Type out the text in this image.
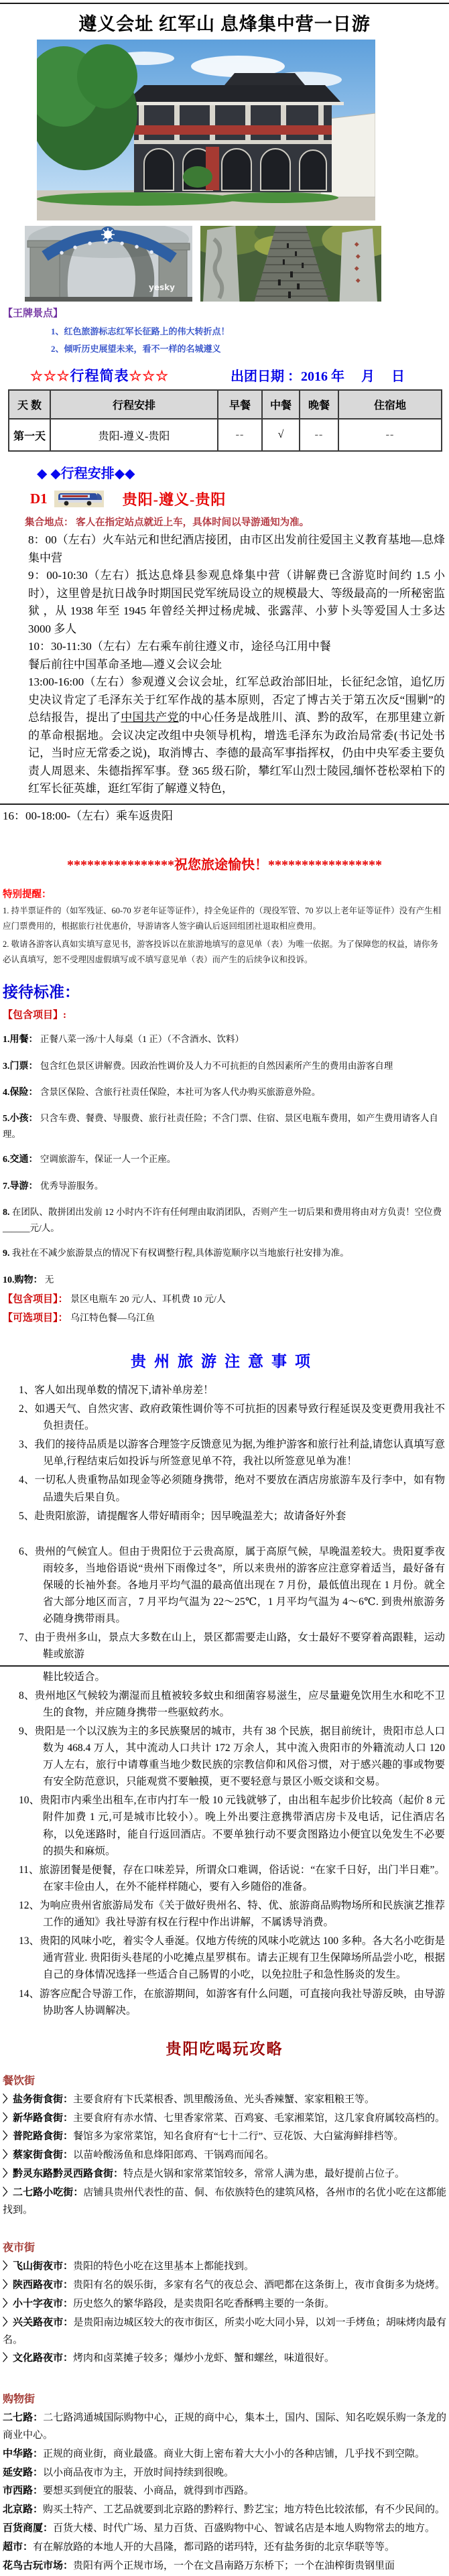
遵义会址 红军山 息烽集中营一日游
●
●
●	●	●
●
●
yesky
◆
◆
◆
◆
【王牌景点】
1、红色旅游标志红军长征路上的伟大转折点！
2、倾听历史展望未来，看不一样的名城遵义
☆☆☆ 行程简表 ☆☆☆	出团日期 ：2016 年　 月　 日
天 数	行程安排	早餐	中餐	晚餐	住宿地
第一天	贵阳-遵义-贵阳	--	√	--	--
◆ ◆行程安排◆◆
D1	贵阳-遵义-贵阳

集合地点： 客人在指定站点就近上车，具体时间以导游通知为准。

8：00（左右）火车站元和世纪酒店接团，由市区出发前往爱国主义教育基地—息烽集中营

9：00-10:30（左右）抵达息烽县参观息烽集中营（讲解费已含游览时间约 1.5 小时），这里曾是抗日战争时期国民党军统局设立的规模最大、等级最高的一所秘密监狱 ，从 1938 年至 1945 年曾经关押过杨虎城、张露萍、小萝卜头等爱国人士多达 3000 多人

10：30-11:30（左右）左右乘车前往遵义市，途径乌江用中餐

餐后前往中国革命圣地—遵义会议会址

13:00-16:00（左右）参观遵义会议会址，红军总政治部旧址，长征纪念馆，追忆历史决议肯定了毛泽东关于红军作战的基本原则，否定了博古关于第五次反“围剿”的总结报告，提出了中国共产党的中心任务是战胜川、滇、黔的敌军，在那里建立新的革命根据地。会议决定改组中央领导机构，增选毛泽东为政治局常委(书记处书记，当时应无常委之说)，取消博古、李德的最高军事指挥权，仍由中央军委主要负责人周恩来、朱德指挥军事。登 365 级石阶，攀红军山烈士陵园,缅怀苍松翠柏下的红军长征英雄，逛红军街了解遵义特色，

16：00-18:00-（左右）乘车返贵阳

****************祝您旅途愉快！*****************

特别提醒：

1. 持半票证件的（如军残证、60-70 岁老年证等证件），持全免证件的（现役军管、70 岁以上老年证等证件）没有产生相应门票费用的，根据旅行社优惠价，导游请客人签字确认后返回组团社退取相应费用。

2. 敬请各游客认真如实填写意见书，游客投诉以在旅游地填写的意见单（表）为唯一依据。为了保障您的权益，请你务必认真填写，恕不受理因虚假填写或不填写意见单（表）而产生的后续争议和投诉。

接待标准：
【包含项目】:

1.用餐： 正餐八菜一汤/十人每桌（1 正）（不含酒水、饮料）

3.门票： 包含红色景区讲解费。因政治性调价及人力不可抗拒的自然因素所产生的费用由游客自理

4.保险： 含景区保险、含旅行社责任保险，本社可为客人代办购买旅游意外险。

5.小孩： 只含车费、餐费、导服费、旅行社责任险；不含门票、住宿、景区电瓶车费用，如产生费用请客人自理。

6.交通： 空调旅游车，保证一人一个正座。

7.导游： 优秀导游服务。

8. 在团队、散拼团出发前 12 小时内不许有任何理由取消团队，否则产生一切后果和费用将由对方负责！空位费______元/人。

9. 我社在不减少旅游景点的情况下有权调整行程,具体游览顺序以当地旅行社安排为准。

10.购物： 无

【包含项目】： 景区电瓶车 20 元/人、耳机费 10 元/人

【可选项目】： 乌江特色餐—乌江鱼

贵州旅游注意事项

1、客人如出现单数的情况下,请补单房差！

2、如遇天气、自然灾害、政府政策性调价等不可抗拒的因素导致行程延误及变更费用我社不负担责任。

3、我们的接待品质是以游客合理签字反馈意见为据,为维护游客和旅行社利益,请您认真填写意见单,行程结束后如投诉与所签意见单不符，我社以所签意见单为准！

4、一切私人贵重物品如现金等必须随身携带，绝对不要放在酒店房旅游车及行李中，如有物品遗失后果自负。

5、赴贵阳旅游，请提醒客人带好晴雨伞；因早晚温差大；故请备好外套

6、贵州的气候宜人。但由于贵阳位于云贵高原，属于高原气候，早晚温差较大。贵阳夏季夜雨较多，当地俗语说“贵州下雨像过冬”，所以来贵州的游客应注意穿着适当，最好备有保暖的长袖外套。各地月平均气温的最高值出现在 7 月份，最低值出现在 1 月份。就全省大部分地区而言，7 月平均气温为 22～25℃，1 月平均气温为 4～6℃. 到贵州旅游务必随身携带雨具。

7、由于贵州多山，景点大多数在山上，景区都需要走山路，女士最好不要穿着高跟鞋，运动鞋或旅游

鞋比较适合。

8、贵州地区气候较为潮湿而且植被较多蚊虫和细菌容易滋生，应尽量避免饮用生水和吃不卫生的食物，并应随身携带一些驱蚊药水。

9、贵阳是一个以汉族为主的多民族聚居的城市，共有 38 个民族，据目前统计，贵阳市总人口数为 468.4 万人，其中流动人口共计 172 万余人，其中流入贵阳市的外籍流动人口 120 万人左右，旅行中请尊重当地少数民族的宗教信仰和风俗习惯，对于感兴趣的事或物要有安全防范意识，只能观赏不要触摸，更不要轻意与景区小贩交谈和交易。

10、贵阳市内乘坐出租车,在市内打车一般 10 元钱就够了，由出租车起步价比较高（起价 8 元附件加费 1 元,可是城市比较小）。晚上外出要注意携带酒店房卡及电话，记住酒店名称，以免迷路时，能自行返回酒店。不要单独行动不要贪图路边小便宜以免发生不必要的损失和麻烦。

11、旅游团餐是便餐，存在口味差异，所谓众口难调，俗话说：“在家千日好，出门半日难”。在家丰俭由人，在外不能样样随心，要有入乡随俗的准备。

12、为响应贵州省旅游局发布《关于做好贵州名、特、优、旅游商品购物场所和民族演艺推荐工作的通知》我社导游有权在行程中作出讲解，不属诱导消费。

13、贵阳的风味小吃，着实令人垂涎。仅地方传统的风味小吃就达 100 多种。各大名小吃街是通宵营业. 贵阳街头巷尾的小吃摊点星罗棋布。请去正规有卫生保障场所品尝小吃，根据自己的身体情况选择一些适合自己肠胃的小吃，以免拉肚子和急性肠炎的发生。

14、游客应配合导游工作，在旅游期间，如游客有什么问题，可直接向我社导游反映，由导游协助客人协调解决。

贵阳吃喝玩攻略
餐饮街

〉盐务街食街：主要食府有卞氏菜根香、凯里酸汤鱼、光头香辣蟹、家家粗粮王等。

〉新华路食街：主要食府有赤水情、七里香家常菜、百鸡宴、毛家湘菜馆，这几家食府属较高档的。

〉普陀路食街：餐馆多为家常菜馆，知名食府有“七十二行”、豆花饭、大白鲨海鲜排档等。

〉蔡家街食街：以苗岭酸汤鱼和息烽阳郎鸡、干锅鸡而闻名。

〉黔灵东路黔灵西路食街：特点是火锅和家常菜馆较多，常常人满为患，最好提前占位子。

〉二七路小吃街：店铺具贵州代表性的苗、侗、布依族特色的建筑风格，各州市的名优小吃在这都能找到。

夜市街

〉飞山街夜市：贵阳的特色小吃在这里基本上都能找到。

〉陕西路夜市：贵阳有名的娱乐街，多家有名气的夜总会、酒吧都在这条街上，夜市食街多为烧烤。

〉小十字夜市：历史悠久的繁华路段，是卖贵阳名吃香酥鸭主要的一条街。

〉兴关路夜市：是贵阳南边城区较大的夜市街区，所卖小吃大同小异，以刘一手烤鱼；胡味烤肉最有名。

〉文化路夜市：烤肉和卤菜摊子较多；爆炒小龙虾、蟹和螺丝，味道很好。

购物街

二七路：二七路鸿通城国际购物中心，正规的商中心，集本土，国内、国际、知名吃娱乐购一条龙的商业中心。

中华路：正规的商业街，商业最盛。商业大街上密布着大大小小的各种店铺，几乎找不到空隙。

延安路：以小商品夜市为主，开放时间持续到很晚。

市西路：要想买到便宜的服装、小商品，就得到市西路。

北京路：购买土特产、工艺品就要到北京路的黔粹行、黔艺宝；地方特色比较浓郁，有不少民间的。

百货商厦：百货大楼、时代广场、星力百货、百盛购物中心、智诚名店是本地人购物常去的地方。

超市：有在解放路的本地人开的大昌隆，都司路的诺玛特，还有盐务街的北京华联等等。

花鸟古玩市场：贵阳有两个正规市场，一个在文昌南路万东桥下；一个在油榨街贵钢里面
